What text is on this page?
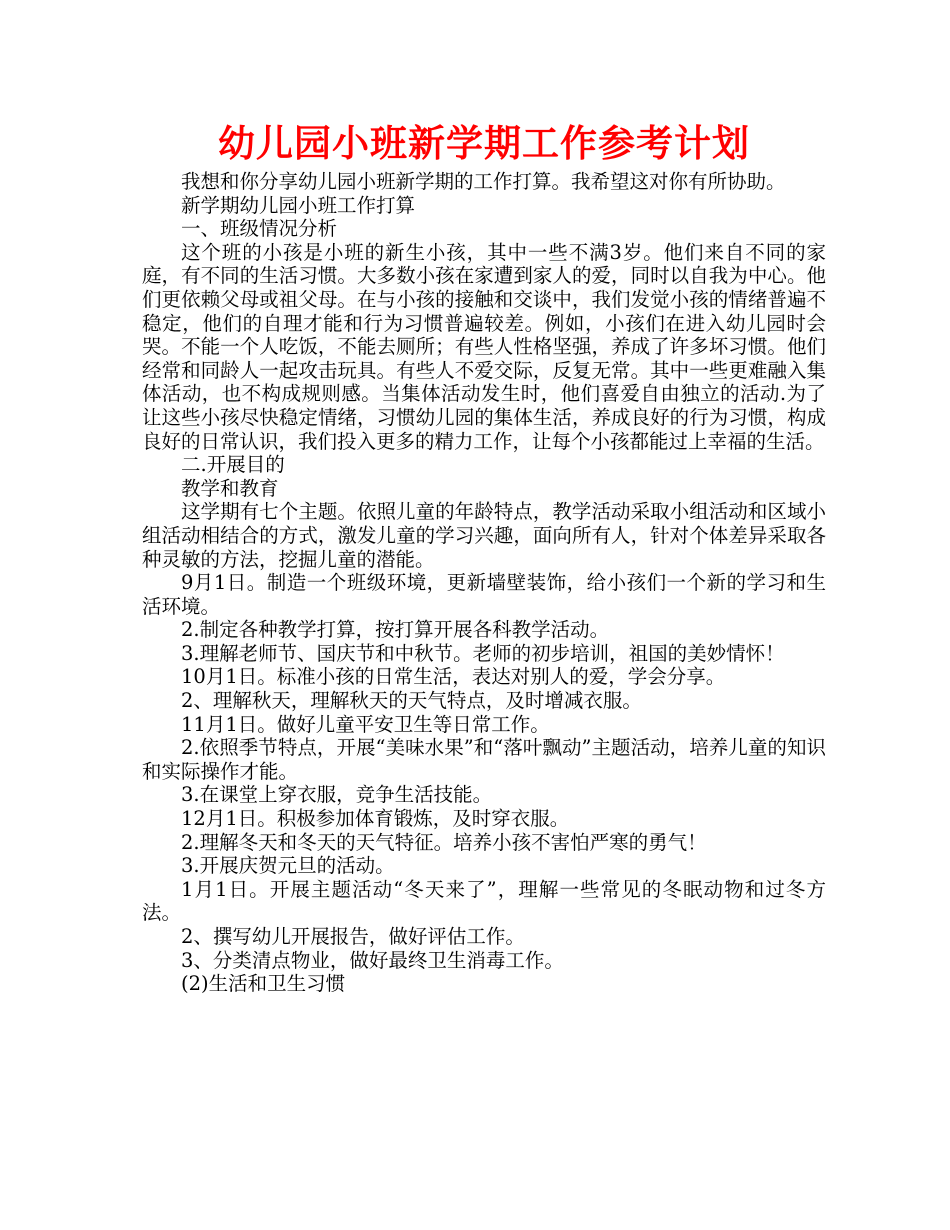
幼儿园小班新学期工作参考计划

我想和你分享幼儿园小班新学期的工作打算。我希望这对你有所协助。

新学期幼儿园小班工作打算

一、班级情况分析

这个班的小孩是小班的新生小孩，其中一些不满3岁。他们来自不同的家庭，有不同的生活习惯。大多数小孩在家遭到家人的爱，同时以自我为中心。他们更依赖父母或祖父母。在与小孩的接触和交谈中，我们发觉小孩的情绪普遍不稳定，他们的自理才能和行为习惯普遍较差。例如，小孩们在进入幼儿园时会哭。不能一个人吃饭，不能去厕所；有些人性格坚强，养成了许多坏习惯。他们经常和同龄人一起攻击玩具。有些人不爱交际，反复无常。其中一些更难融入集体活动，也不构成规则感。当集体活动发生时，他们喜爱自由独立的活动.为了让这些小孩尽快稳定情绪，习惯幼儿园的集体生活，养成良好的行为习惯，构成良好的日常认识，我们投入更多的精力工作，让每个小孩都能过上幸福的生活。

二.开展目的

教学和教育

这学期有七个主题。依照儿童的年龄特点，教学活动采取小组活动和区域小组活动相结合的方式，激发儿童的学习兴趣，面向所有人，针对个体差异采取各种灵敏的方法，挖掘儿童的潜能。

9月1日。制造一个班级环境，更新墙壁装饰，给小孩们一个新的学习和生活环境。

2.制定各种教学打算，按打算开展各科教学活动。

3.理解老师节、国庆节和中秋节。老师的初步培训，祖国的美妙情怀！

10月1日。标准小孩的日常生活，表达对别人的爱，学会分享。

2、理解秋天，理解秋天的天气特点，及时增减衣服。

11月1日。做好儿童平安卫生等日常工作。

2.依照季节特点，开展“美味水果”和“落叶飘动”主题活动，培养儿童的知识和实际操作才能。

3.在课堂上穿衣服，竞争生活技能。

12月1日。积极参加体育锻炼，及时穿衣服。

2.理解冬天和冬天的天气特征。培养小孩不害怕严寒的勇气！

3.开展庆贺元旦的活动。

1月1日。开展主题活动“冬天来了”，理解一些常见的冬眠动物和过冬方法。

2、撰写幼儿开展报告，做好评估工作。

3、分类清点物业，做好最终卫生消毒工作。

(2)生活和卫生习惯
